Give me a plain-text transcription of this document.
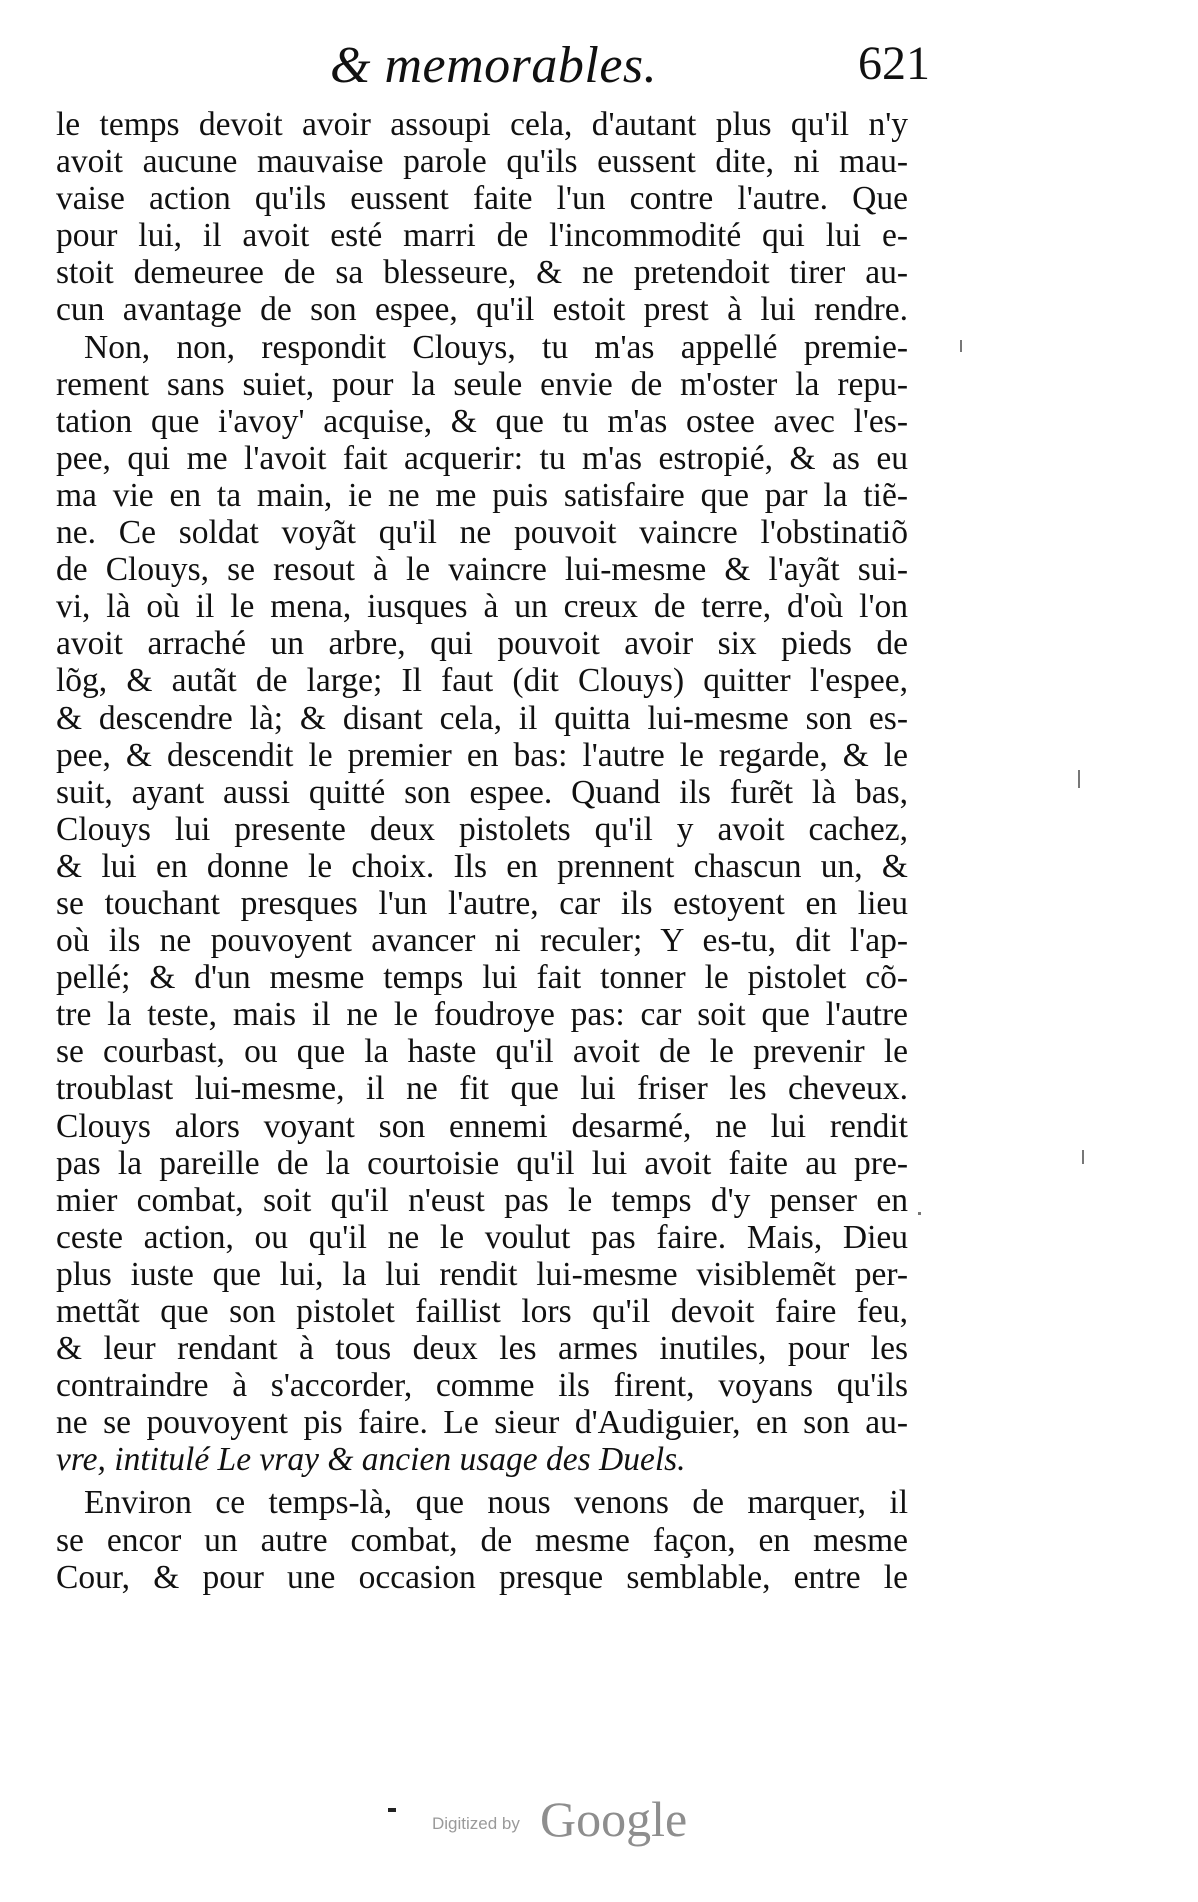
& memorables.	621
le temps devoit avoir assoupi cela, d'autant plus qu'il n'y
avoit aucune mauvaise parole qu'ils eussent dite, ni mau-
vaise action qu'ils eussent faite l'un contre l'autre. Que
pour lui, il avoit esté marri de l'incommodité qui lui e-
stoit demeuree de sa blesseure, & ne pretendoit tirer au-
cun avantage de son espee, qu'il estoit prest à lui rendre.
Non, non, respondit Clouys, tu m'as appellé premie-
rement sans suiet, pour la seule envie de m'oster la repu-
tation que i'avoy' acquise, & que tu m'as ostee avec l'es-
pee, qui me l'avoit fait acquerir: tu m'as estropié, & as eu
ma vie en ta main, ie ne me puis satisfaire que par la tiẽ-
ne. Ce soldat voyãt qu'il ne pouvoit vaincre l'obstinatiõ
de Clouys, se resout à le vaincre lui-mesme & l'ayãt sui-
vi, là où il le mena, iusques à un creux de terre, d'où l'on
avoit arraché un arbre, qui pouvoit avoir six pieds de
lõg, & autãt de large; Il faut (dit Clouys) quitter l'espee,
& descendre là; & disant cela, il quitta lui-mesme son es-
pee, & descendit le premier en bas: l'autre le regarde, & le
suit, ayant aussi quitté son espee. Quand ils furẽt là bas,
Clouys lui presente deux pistolets qu'il y avoit cachez,
& lui en donne le choix. Ils en prennent chascun un, &
se touchant presques l'un l'autre, car ils estoyent en lieu
où ils ne pouvoyent avancer ni reculer; Y es-tu, dit l'ap-
pellé; & d'un mesme temps lui fait tonner le pistolet cõ-
tre la teste, mais il ne le foudroye pas: car soit que l'autre
se courbast, ou que la haste qu'il avoit de le prevenir le
troublast lui-mesme, il ne fit que lui friser les cheveux.
Clouys alors voyant son ennemi desarmé, ne lui rendit
pas la pareille de la courtoisie qu'il lui avoit faite au pre-
mier combat, soit qu'il n'eust pas le temps d'y penser en
ceste action, ou qu'il ne le voulut pas faire. Mais, Dieu
plus iuste que lui, la lui rendit lui-mesme visiblemẽt per-
mettãt que son pistolet faillist lors qu'il devoit faire feu,
& leur rendant à tous deux les armes inutiles, pour les
contraindre à s'accorder, comme ils firent, voyans qu'ils
ne se pouvoyent pis faire. Le sieur d'Audiguier, en son au-
vre, intitulé Le vray & ancien usage des Duels.
Environ ce temps-là, que nous venons de marquer, il
se encor un autre combat, de mesme façon, en mesme
Cour, & pour une occasion presque semblable, entre le
Digitized by Google
